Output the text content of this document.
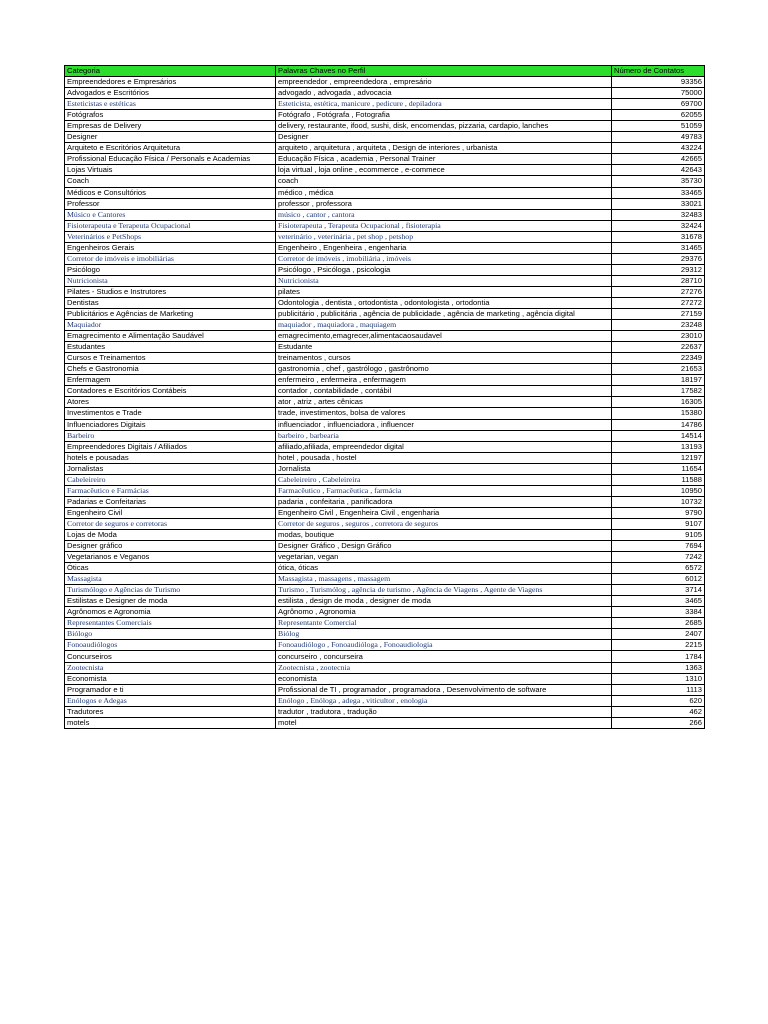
Categoria	Palavras Chaves no Perfil	Número de Contatos
Empreendedores e Empresários	empreendedor , empreendedora , empresário	93356
Advogados e Escritórios	advogado , advogada , advocacia	75000
Esteticistas e estéticas	Esteticista, estética, manicure , pedicure , depiladora	69700
Fotógrafos	Fotógrafo , Fotógrafa , Fotografia	62055
Empresas de Delivery	delivery, restaurante, ifood, sushi, disk, encomendas, pizzaria, cardapio, lanches	51059
Designer	Designer	49783
Arquiteto e Escritórios Arquitetura	arquiteto , arquitetura , arquiteta , Design de interiores , urbanista	43224
Profissional Educação Física / Personals e Academias	Educação Física , academia , Personal Trainer	42665
Lojas Virtuais	loja virtual , loja online , ecommerce , e-commece	42643
Coach	coach	35730
Médicos e Consultórios	médico , médica	33465
Professor	professor , professora	33021
Músico e Cantores	músico , cantor , cantora	32483
Fisioterapeuta e Terapeuta Ocupacional	Fisioterapeuta , Terapeuta Ocupacional , fisioterapia	32424
Veterinários e PetShops	veterinário , veterinária , pet shop , petshop	31678
Engenheiros Gerais	Engenheiro , Engenheira , engenharia	31465
Corretor de imóveis e imobiliárias	Corretor de imóveis , imobiliária , imóveis	29376
Psicólogo	Psicólogo , Psicóloga , psicologia	29312
Nutricionista	Nutricionista	28710
Pilates - Studios e Instrutores	pilates	27276
Dentistas	Odontologia , dentista , ortodontista , odontologista , ortodontia	27272
Publicitários e Agências de Marketing	publicitário , publicitária , agência de publicidade , agência de marketing , agência digital	27159
Maquiador	maquiador , maquiadora , maquiagem	23248
Emagrecimento e Alimentação Saudável	emagrecimento,emagrecer,alimentacaosaudavel	23010
Estudantes	Estudante	22637
Cursos e Treinamentos	treinamentos , cursos	22349
Chefs e Gastronomia	gastronomia , chef , gastrólogo , gastrônomo	21653
Enfermagem	enfermeiro , enfermeira , enfermagem	18197
Contadores e Escritórios Contábeis	contador , contabilidade , contábil	17582
Atores	ator , atriz , artes cênicas	16305
Investimentos e Trade	trade, investimentos, bolsa de valores	15380
Influenciadores Digitais	influenciador , influenciadora , influencer	14786
Barbeiro	barbeiro , barbearia	14514
Empreendedores Digitais / Afiliados	afiliado,afiliada, empreendedor digital	13193
hotels e pousadas	hotel , pousada , hostel	12197
Jornalistas	Jornalista	11654
Cabeleireiro	Cabeleireiro , Cabeleireira	11588
Farmacêutico e Farmácias	Farmacêutico , Farmacêutica , farmácia	10950
Padarias e Confeitarias	padaria , confeitaria , panificadora	10732
Engenheiro Civil	Engenheiro Civil , Engenheira Civil , engenharia	9790
Corretor de seguros e corretoras	Corretor de seguros , seguros , corretora de seguros	9107
Lojas de Moda	modas, boutique	9105
Designer gráfico	Designer Gráfico , Design Gráfico	7694
Vegetarianos e Veganos	vegetarian, vegan	7242
Óticas	ótica, óticas	6572
Massagista	Massagista , massagens , massagem	6012
Turismólogo e Agências de Turismo	Turismo , Turismólog , agência de turismo , Agência de Viagens , Agente de Viagens	3714
Estilistas e Designer de moda	estilista , design de moda , designer de moda	3465
Agrônomos e Agronomia	Agrônomo , Agronomia	3384
Representantes Comerciais	Representante Comercial	2685
Biólogo	Biólog	2407
Fonoaudiólogos	Fonoaudiólogo , Fonoaudióloga , Fonoaudiologia	2215
Concurseiros	concurseiro , concurseira	1784
Zootecnista	Zootecnista , zootecnia	1363
Economista	economista	1310
Programador e ti	Profissional de TI , programador , programadora , Desenvolvimento de software	1113
Enólogos e Adegas	Enólogo , Enóloga , adega , viticultor , enologia	620
Tradutores	tradutor , tradutora , tradução	462
motels	motel	266
